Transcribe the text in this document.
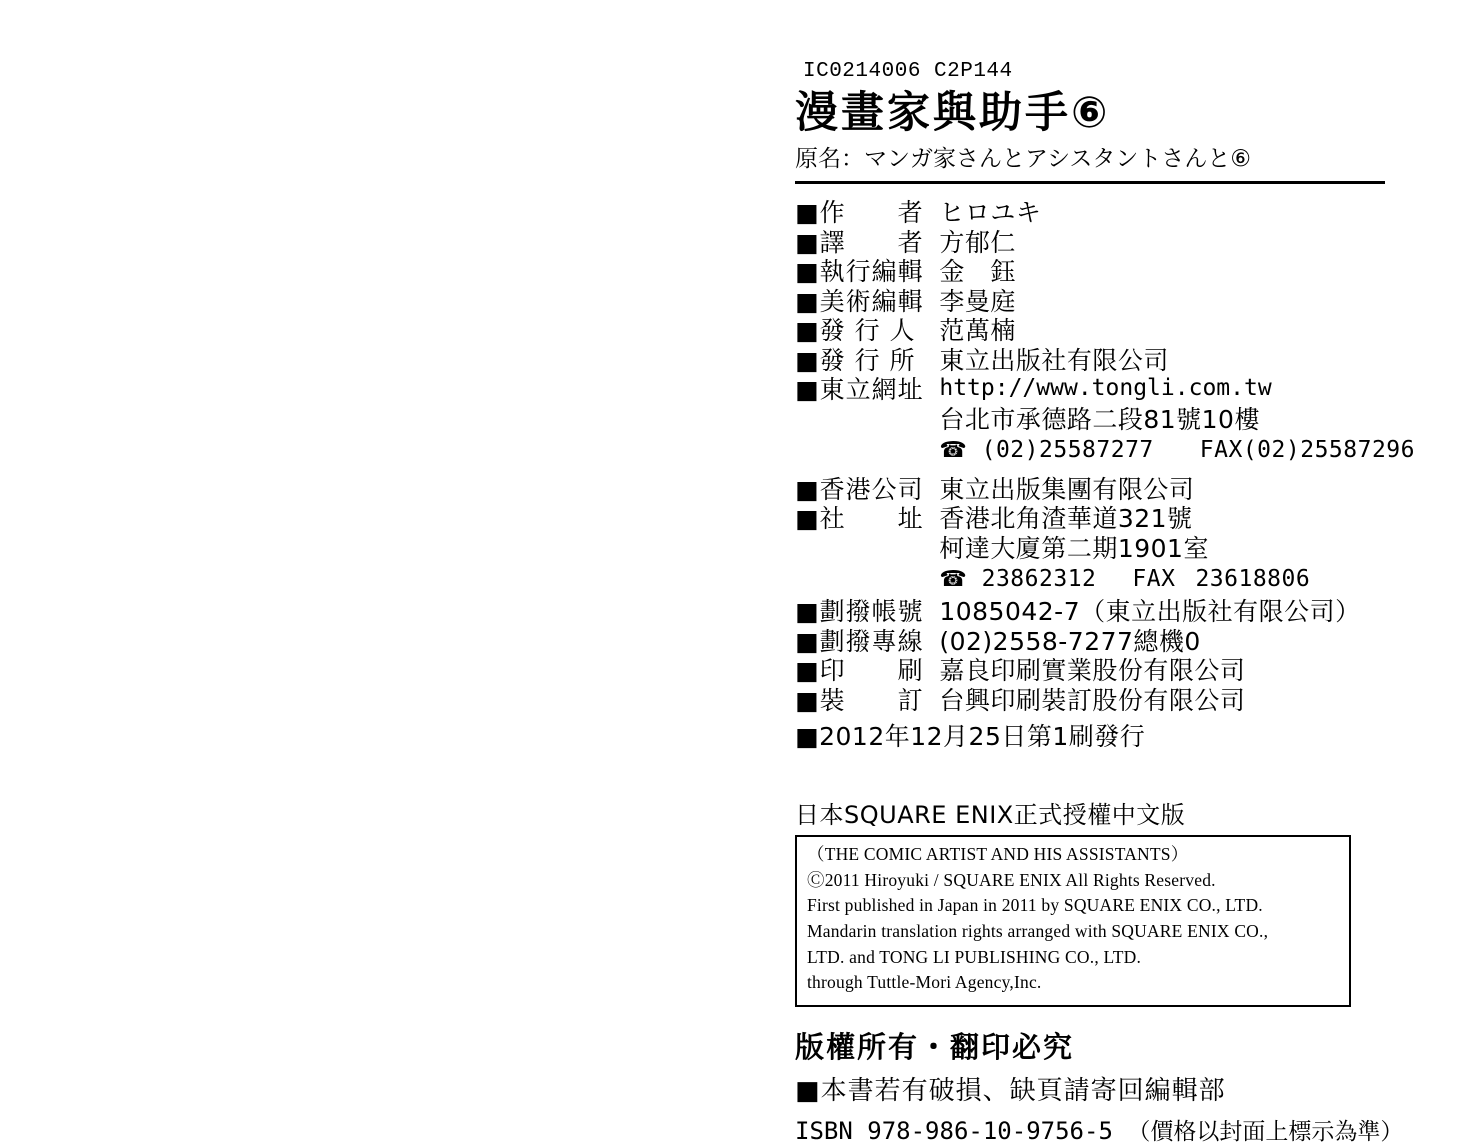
IC0214006 C2P144
漫畫家與助手⑥
原名：マンガ家さんとアシスタントさんと⑥
■作　　者	ヒロユキ
■譯　　者	方郁仁
■執行編輯	金　鈺
■美術編輯	李曼庭
■發 行 人	范萬楠
■發 行 所	東立出版社有限公司
■東立網址	http://www.tongli.com.tw
	台北市承德路二段81號10樓
	☎ (02)25587277 FAX(02)25587296

■香港公司	東立出版集團有限公司
■社　　址	香港北角渣華道321號
	柯達大廈第二期1901室
	☎ 23862312 FAX 23618806

■劃撥帳號	1085042-7（東立出版社有限公司）
■劃撥專線	(02)2558-7277總機0
■印　　刷	嘉良印刷實業股份有限公司
■裝　　訂	台興印刷裝訂股份有限公司
■2012年12月25日第1刷發行
日本SQUARE ENIX正式授權中文版

（THE COMIC ARTIST AND HIS ASSISTANTS）

Ⓒ2011 Hiroyuki / SQUARE ENIX All Rights Reserved.

First published in Japan in 2011 by SQUARE ENIX CO., LTD.

Mandarin translation rights arranged with SQUARE ENIX CO.,

LTD. and TONG LI PUBLISHING CO., LTD.

through Tuttle-Mori Agency,Inc.

版權所有・翻印必究
■本書若有破損、缺頁請寄回編輯部
ISBN 978-986-10-9756-5 （價格以封面上標示為準）
